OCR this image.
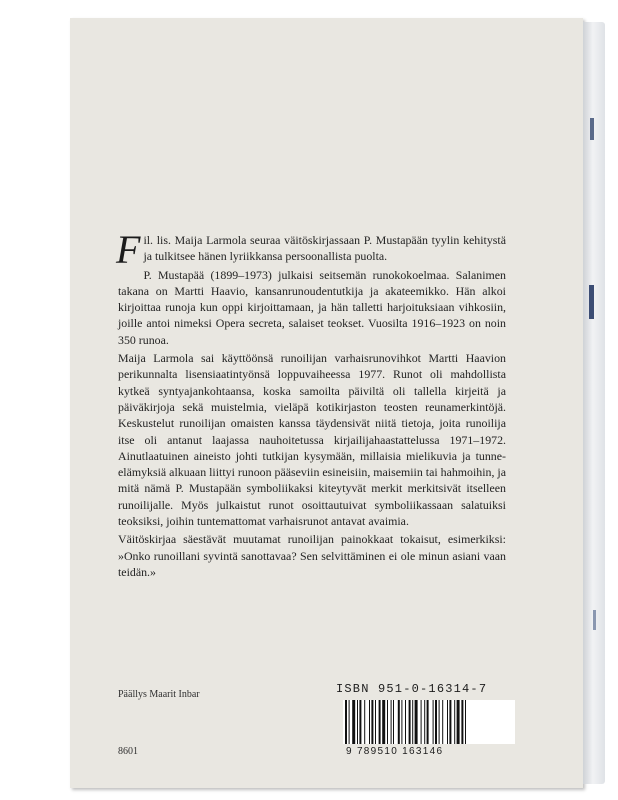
Fil. lis. Maija Larmola seuraa väitöskirjassaan P. Mustapään tyylin kehitystä ja tulkitsee hänen lyriikkansa persoonallista puolta.

P. Mustapää (1899–1973) julkaisi seitsemän runokokoelmaa. Salanimen takana on Martti Haavio, kansanrunoudentutkija ja akateemikko. Hän alkoi kirjoittaa runoja kun oppi kirjoittamaan, ja hän talletti harjoituksiaan vihkosiin, joille antoi nimeksi Opera secreta, salaiset teokset. Vuosilta 1916–1923 on noin 350 runoa.

Maija Larmola sai käyttöönsä runoilijan varhaisrunovihkot Martti Haavion perikunnalta lisensiaatintyönsä loppuvaiheessa 1977. Runot oli mahdollista kytkeä syntyajankohtaansa, koska samoilta päiviltä oli tallella kirjeitä ja päiväkirjoja sekä muistelmia, vieläpä kotikirjaston teosten reunamerkintöjä. Keskustelut runoilijan omaisten kanssa täydensivät niitä tietoja, joita runoilija itse oli antanut laajassa nauhoitetussa kirjailijahaastattelussa 1971–1972. Ainutlaatuinen aineisto johti tutkijan kysymään, millaisia mielikuvia ja tunne-elämyksiä alkuaan liittyi runoon pääseviin esineisiin, maisemiin tai hahmoihin, ja mitä nämä P. Mustapään symboliikaksi kiteytyvät merkit merkitsivät itselleen runoilijalle. Myös julkaistut runot osoittautuivat symboliikassaan salatuiksi teoksiksi, joihin tuntemattomat varhaisrunot antavat avaimia.

Väitöskirjaa säestävät muutamat runoilijan painokkaat tokaisut, esimerkiksi: »Onko runoillani syvintä sanottavaa? Sen selvittäminen ei ole minun asiani vaan teidän.»

Päällys Maarit Inbar
8601
ISBN 951-0-16314-7
9 789510 163146
